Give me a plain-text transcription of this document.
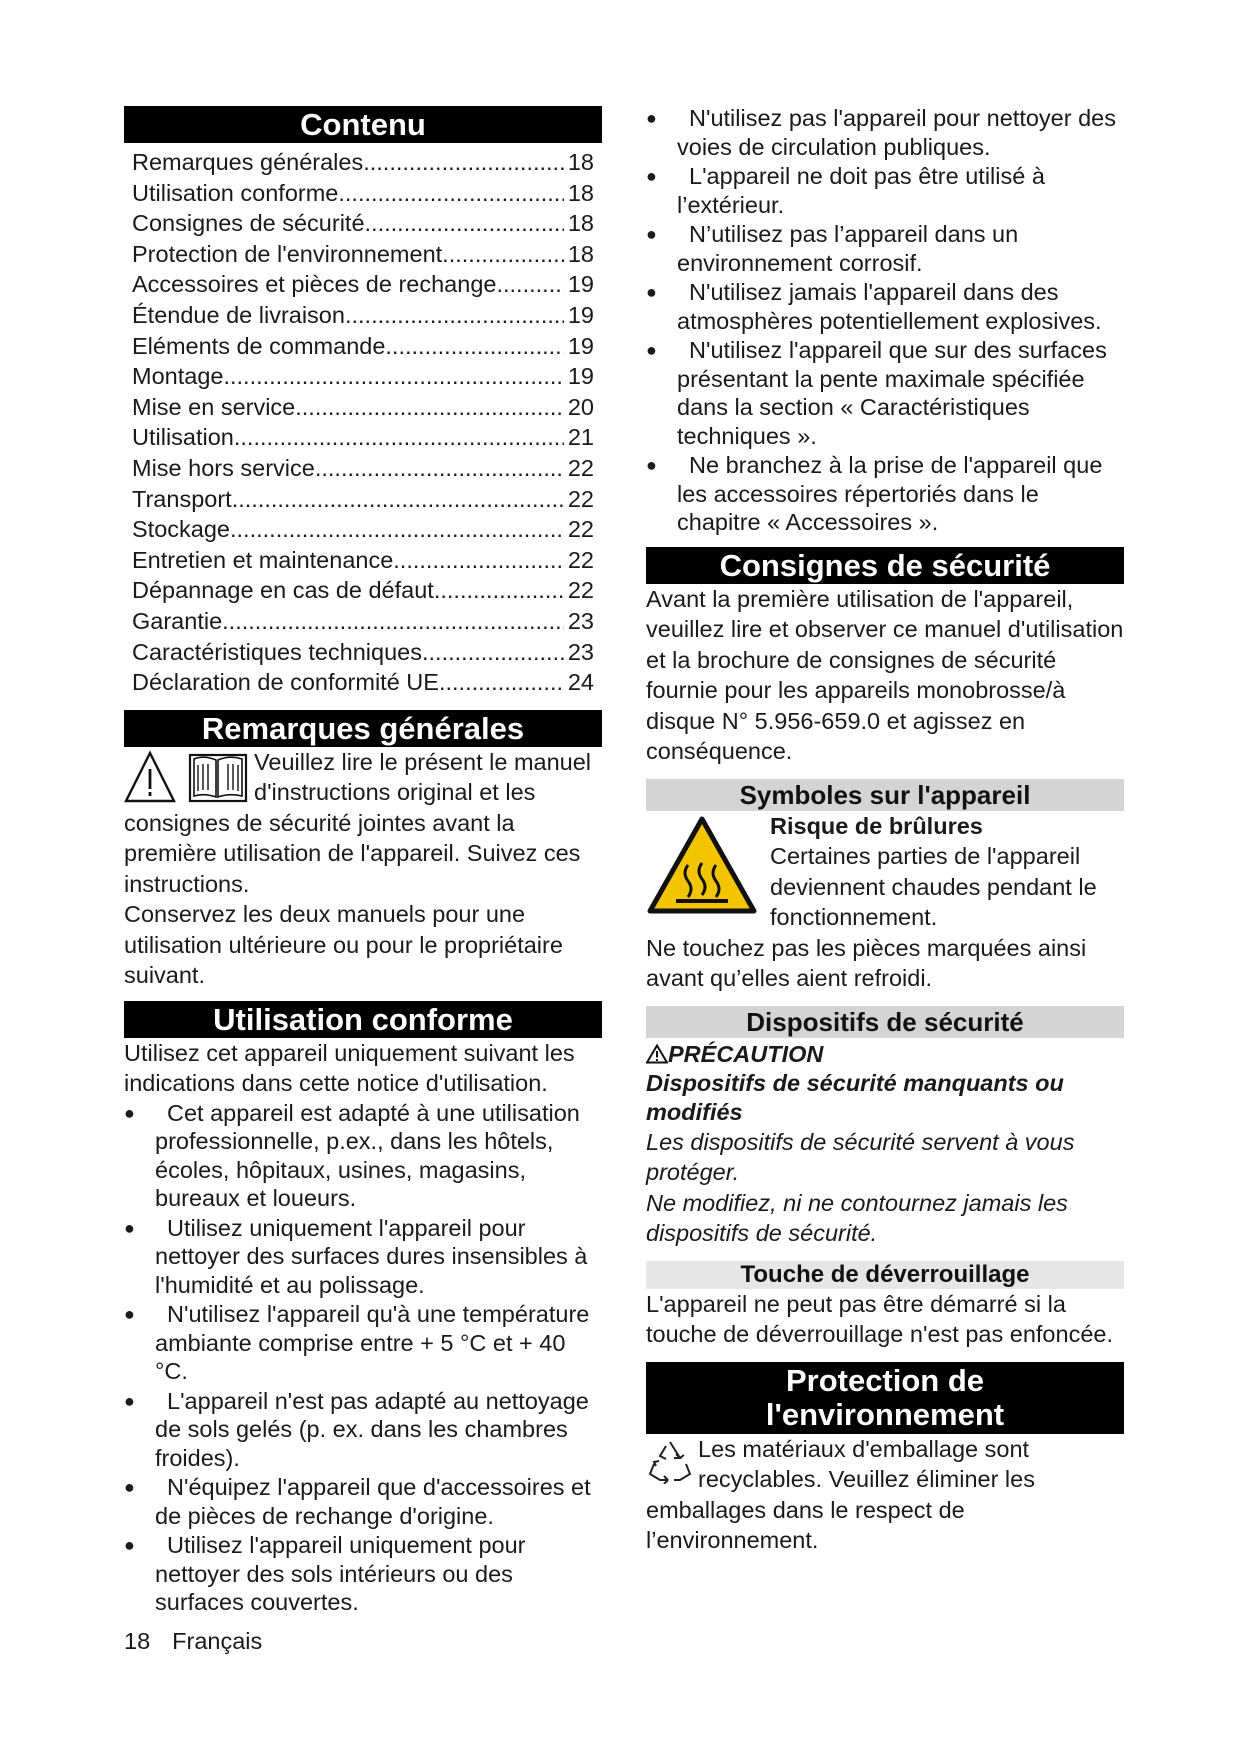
Contenu
Remarques générales .....	18
Utilisation conforme .....	18
Consignes de sécurité .....	18
Protection de l'environnement .....	18
Accessoires et pièces de rechange .....	19
Étendue de livraison .....	19
Eléments de commande .....	19
Montage .....	19
Mise en service .....	20
Utilisation .....	21
Mise hors service .....	22
Transport .....	22
Stockage .....	22
Entretien et maintenance .....	22
Dépannage en cas de défaut .....	22
Garantie .....	23
Caractéristiques techniques .....	23
Déclaration de conformité UE .....	24
Remarques générales

Veuillez lire le présent le manuel d'instructions original et les consignes de sécurité jointes avant la première utilisation de l'appareil. Suivez ces instructions.

Conservez les deux manuels pour une utilisation ultérieure ou pour le propriétaire suivant.

Utilisation conforme

Utilisez cet appareil uniquement suivant les indications dans cette notice d'utilisation.

● Cet appareil est adapté à une utilisation professionnelle, p.ex., dans les hôtels, écoles, hôpitaux, usines, magasins, bureaux et loueurs.
● Utilisez uniquement l'appareil pour nettoyer des surfaces dures insensibles à l'humidité et au polissage.
● N'utilisez l'appareil qu'à une température ambiante comprise entre + 5 °C et + 40 °C.
● L'appareil n'est pas adapté au nettoyage de sols gelés (p. ex. dans les chambres froides).
● N'équipez l'appareil que d'accessoires et de pièces de rechange d'origine.
● Utilisez l'appareil uniquement pour nettoyer des sols intérieurs ou des surfaces couvertes.
● N'utilisez pas l'appareil pour nettoyer des voies de circulation publiques.
● L'appareil ne doit pas être utilisé à l’extérieur.
● N’utilisez pas l’appareil dans un environnement corrosif.
● N'utilisez jamais l'appareil dans des atmosphères potentiellement explosives.
● N'utilisez l'appareil que sur des surfaces présentant la pente maximale spécifiée dans la section « Caractéristiques techniques ».
● Ne branchez à la prise de l'appareil que les accessoires répertoriés dans le chapitre « Accessoires ».
Consignes de sécurité

Avant la première utilisation de l'appareil, veuillez lire et observer ce manuel d'utilisation et la brochure de consignes de sécurité fournie pour les appareils monobrosse/à disque N° 5.956-659.0 et agissez en conséquence.

Symboles sur l'appareil

Risque de brûlures

Certaines parties de l'appareil deviennent chaudes pendant le fonctionnement.

Ne touchez pas les pièces marquées ainsi avant qu’elles aient refroidi.

Dispositifs de sécurité
PRÉCAUTION

Dispositifs de sécurité manquants ou modifiés

Les dispositifs de sécurité servent à vous protéger.

Ne modifiez, ni ne contournez jamais les dispositifs de sécurité.

Touche de déverrouillage

L'appareil ne peut pas être démarré si la touche de déverrouillage n'est pas enfoncée.

Protection de
l'environnement

Les matériaux d'emballage sont recyclables. Veuillez éliminer les emballages dans le respect de l’environnement.

18 Français
